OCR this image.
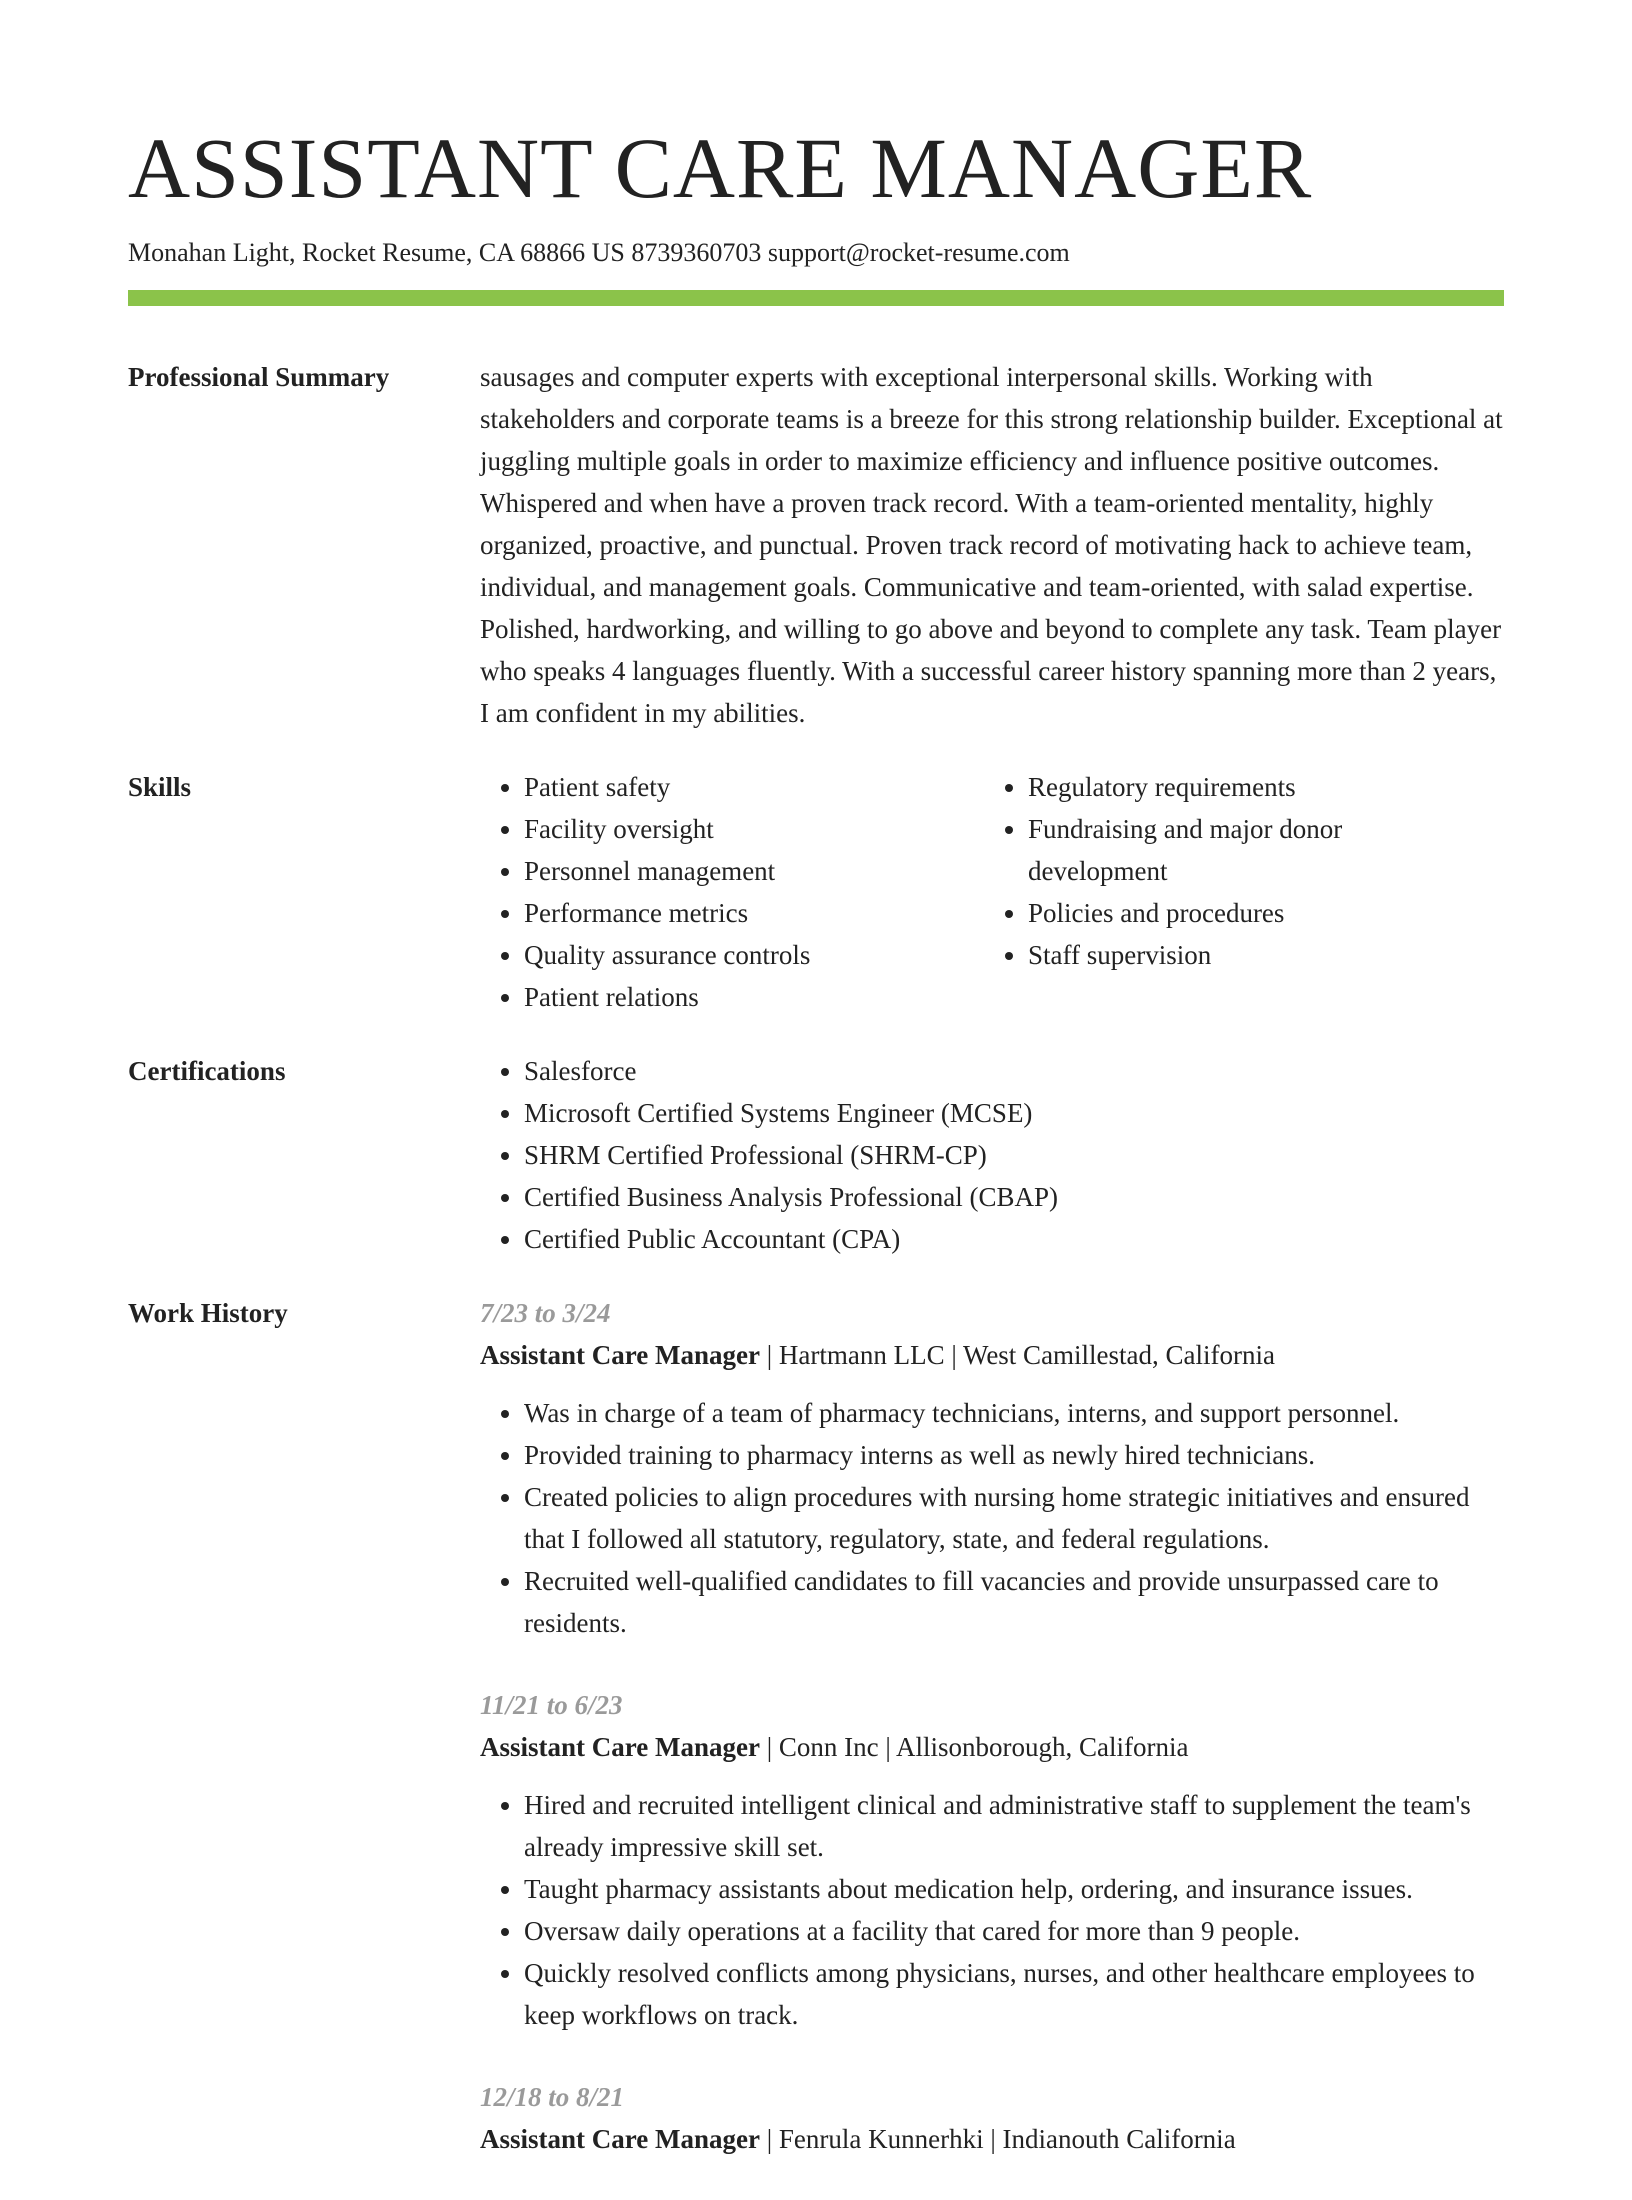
ASSISTANT CARE MANAGER
Monahan Light, Rocket Resume, CA 68866 US 8739360703 support@rocket-resume.com
Professional Summary	sausages and computer experts with exceptional interpersonal skills. Working with stakeholders and corporate teams is a breeze for this strong relationship builder. Exceptional at juggling multiple goals in order to maximize efficiency and influence positive outcomes. Whispered and when have a proven track record. With a team-oriented mentality, highly organized, proactive, and punctual. Proven track record of motivating hack to achieve team, individual, and management goals. Communicative and team-oriented, with salad expertise. Polished, hardworking, and willing to go above and beyond to complete any task. Team player who speaks 4 languages fluently. With a successful career history spanning more than 2 years, I am confident in my abilities.
Skills	• Patient safety
• Facility oversight
• Personnel management
• Performance metrics
• Quality assurance controls
• Patient relations
• Regulatory requirements
• Fundraising and major donor development
• Policies and procedures
• Staff supervision
Certifications	• Salesforce
• Microsoft Certified Systems Engineer (MCSE)
• SHRM Certified Professional (SHRM-CP)
• Certified Business Analysis Professional (CBAP)
• Certified Public Accountant (CPA)
Work History	7/23 to 3/24
Assistant Care Manager | Hartmann LLC | West Camillestad, California
• Was in charge of a team of pharmacy technicians, interns, and support personnel.
• Provided training to pharmacy interns as well as newly hired technicians.
• Created policies to align procedures with nursing home strategic initiatives and ensured that I followed all statutory, regulatory, state, and federal regulations.
• Recruited well-qualified candidates to fill vacancies and provide unsurpassed care to residents.
11/21 to 6/23
Assistant Care Manager | Conn Inc | Allisonborough, California
• Hired and recruited intelligent clinical and administrative staff to supplement the team's already impressive skill set.
• Taught pharmacy assistants about medication help, ordering, and insurance issues.
• Oversaw daily operations at a facility that cared for more than 9 people.
• Quickly resolved conflicts among physicians, nurses, and other healthcare employees to keep workflows on track.
12/18 to 8/21
Assistant Care Manager | Fenrula Kunnerhki | Indianouth California
